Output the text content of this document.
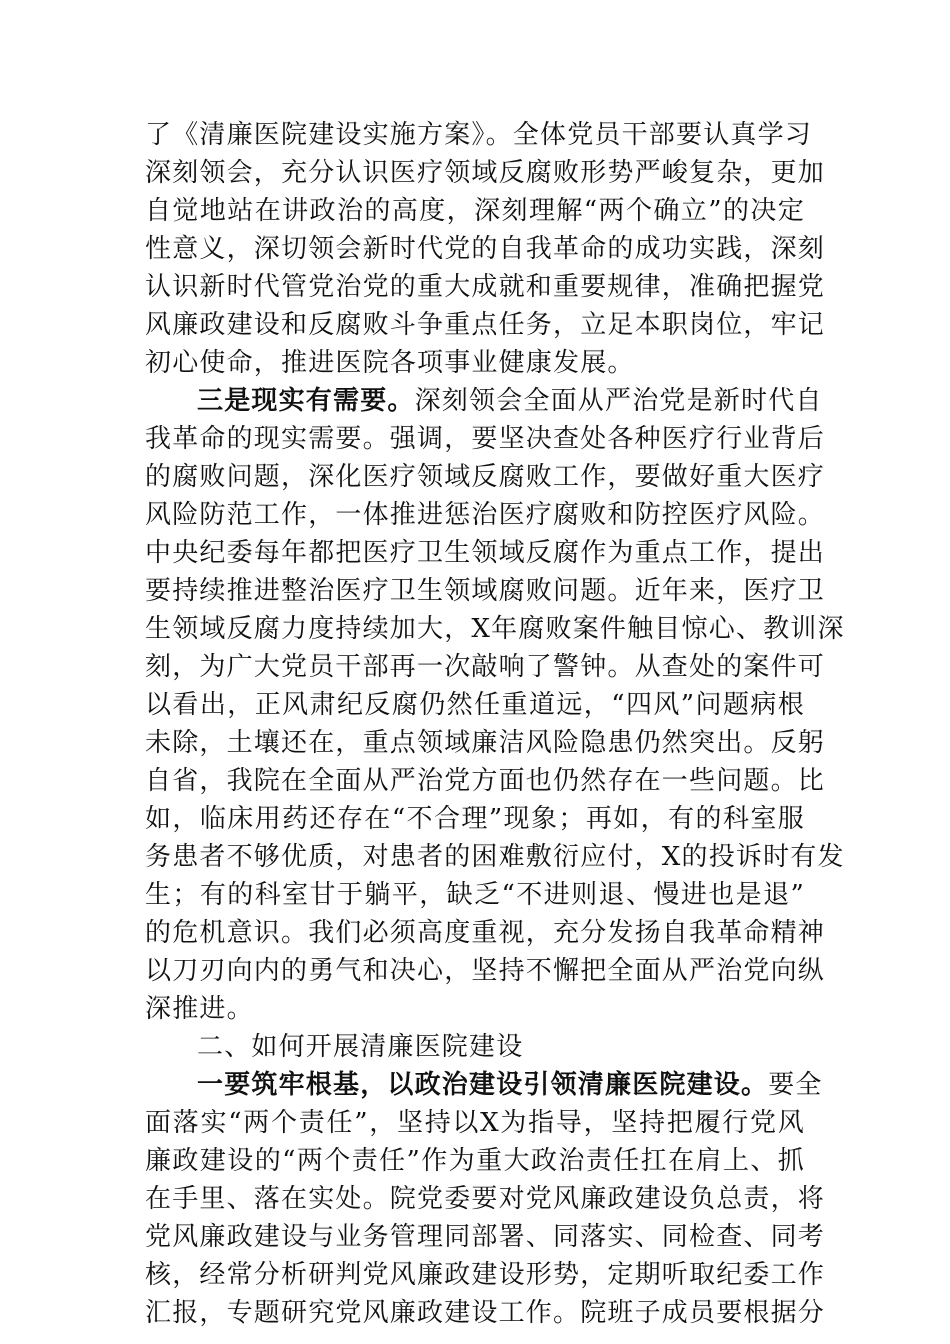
了《清廉医院建设实施方案》。全体党员干部要认真学习
深刻领会，充分认识医疗领域反腐败形势严峻复杂，更加
自觉地站在讲政治的高度，深刻理解“两个确立”的决定
性意义，深切领会新时代党的自我革命的成功实践，深刻
认识新时代管党治党的重大成就和重要规律，准确把握党
风廉政建设和反腐败斗争重点任务，立足本职岗位，牢记
初心使命，推进医院各项事业健康发展。
三是现实有需要。深刻领会全面从严治党是新时代自
我革命的现实需要。强调，要坚决查处各种医疗行业背后
的腐败问题，深化医疗领域反腐败工作，要做好重大医疗
风险防范工作，一体推进惩治医疗腐败和防控医疗风险。
中央纪委每年都把医疗卫生领域反腐作为重点工作，提出
要持续推进整治医疗卫生领域腐败问题。近年来，医疗卫
生领域反腐力度持续加大，X年腐败案件触目惊心、教训深
刻，为广大党员干部再一次敲响了警钟。从查处的案件可
以看出，正风肃纪反腐仍然任重道远，“四风”问题病根
未除，土壤还在，重点领域廉洁风险隐患仍然突出。反躬
自省，我院在全面从严治党方面也仍然存在一些问题。比
如，临床用药还存在“不合理”现象；再如，有的科室服
务患者不够优质，对患者的困难敷衍应付，X的投诉时有发
生；有的科室甘于躺平，缺乏“不进则退、慢进也是退”
的危机意识。我们必须高度重视，充分发扬自我革命精神
以刀刃向内的勇气和决心，坚持不懈把全面从严治党向纵
深推进。
二、如何开展清廉医院建设
一要筑牢根基，以政治建设引领清廉医院建设。要全
面落实“两个责任”，坚持以X为指导，坚持把履行党风
廉政建设的“两个责任”作为重大政治责任扛在肩上、抓
在手里、落在实处。院党委要对党风廉政建设负总责，将
党风廉政建设与业务管理同部署、同落实、同检查、同考
核，经常分析研判党风廉政建设形势，定期听取纪委工作
汇报，专题研究党风廉政建设工作。院班子成员要根据分
